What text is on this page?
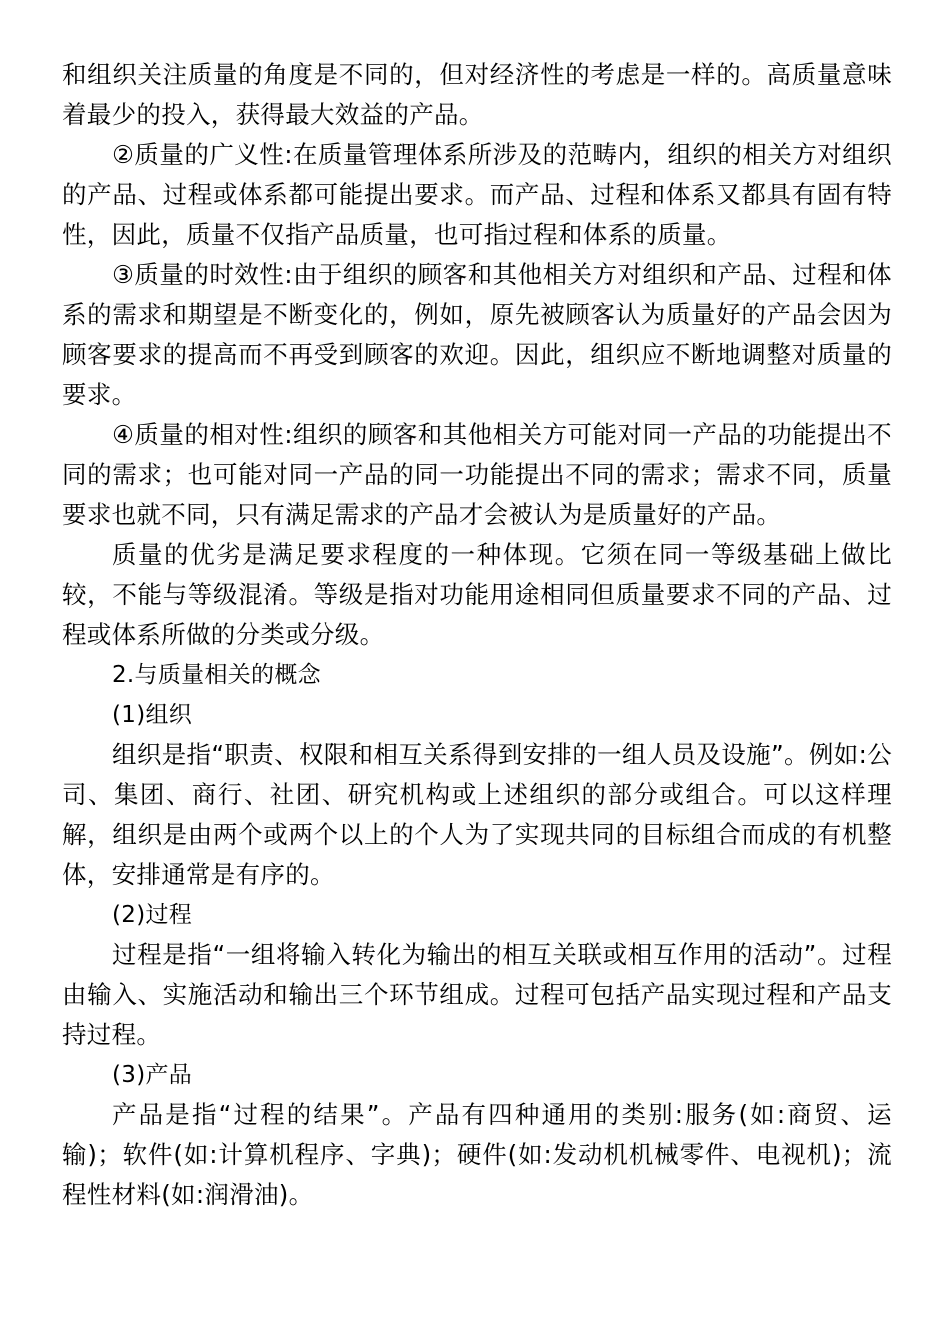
和组织关注质量的角度是不同的，但对经济性的考虑是一样的。高质量意味着最少的投入，获得最大效益的产品。

②质量的广义性:在质量管理体系所涉及的范畴内，组织的相关方对组织的产品、过程或体系都可能提出要求。而产品、过程和体系又都具有固有特性，因此，质量不仅指产品质量，也可指过程和体系的质量。

③质量的时效性:由于组织的顾客和其他相关方对组织和产品、过程和体系的需求和期望是不断变化的，例如，原先被顾客认为质量好的产品会因为顾客要求的提高而不再受到顾客的欢迎。因此，组织应不断地调整对质量的要求。

④质量的相对性:组织的顾客和其他相关方可能对同一产品的功能提出不同的需求；也可能对同一产品的同一功能提出不同的需求；需求不同，质量要求也就不同，只有满足需求的产品才会被认为是质量好的产品。

质量的优劣是满足要求程度的一种体现。它须在同一等级基础上做比较，不能与等级混淆。等级是指对功能用途相同但质量要求不同的产品、过程或体系所做的分类或分级。

2.与质量相关的概念

(1)组织

组织是指“职责、权限和相互关系得到安排的一组人员及设施”。例如:公司、集团、商行、社团、研究机构或上述组织的部分或组合。可以这样理解，组织是由两个或两个以上的个人为了实现共同的目标组合而成的有机整体，安排通常是有序的。

(2)过程

过程是指“一组将输入转化为输出的相互关联或相互作用的活动”。过程由输入、实施活动和输出三个环节组成。过程可包括产品实现过程和产品支持过程。

(3)产品

产品是指“过程的结果”。产品有四种通用的类别:服务(如:商贸、运输)；软件(如:计算机程序、字典)；硬件(如:发动机机械零件、电视机)；流程性材料(如:润滑油)。
